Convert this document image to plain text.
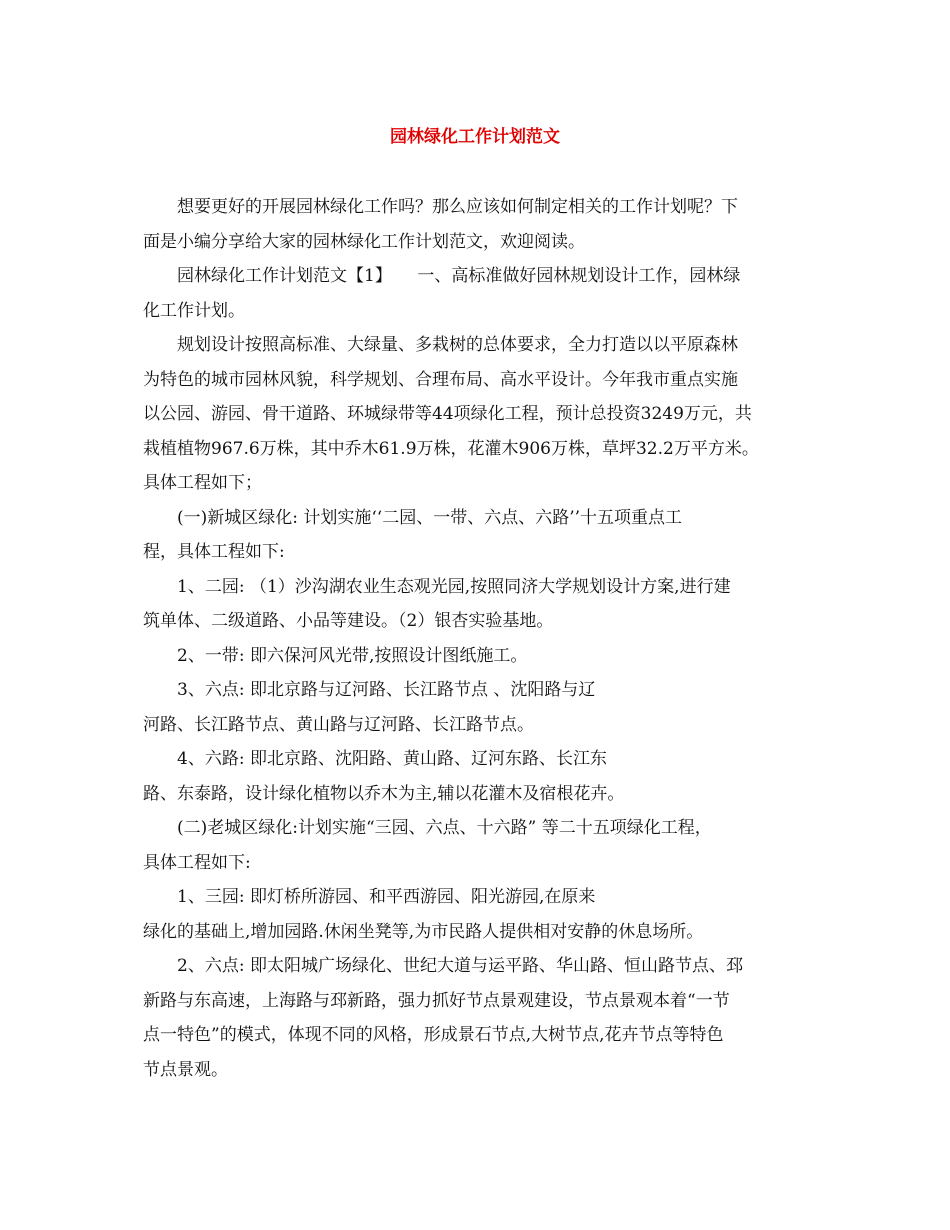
园林绿化工作计划范文
想要更好的开展园林绿化工作吗？那么应该如何制定相关的工作计划呢？下
面是小编分享给大家的园林绿化工作计划范文，欢迎阅读。
园林绿化工作计划范文【1】　　一、高标准做好园林规划设计工作，园林绿
化工作计划。
规划设计按照高标准、大绿量、多栽树的总体要求，全力打造以以平原森林
为特色的城市园林风貌，科学规划、合理布局、高水平设计。今年我市重点实施
以公园、游园、骨干道路、环城绿带等44项绿化工程，预计总投资3249万元，共
栽植植物967.6万株，其中乔木61.9万株，花灌木906万株，草坪32.2万平方米。
具体工程如下；
(一)新城区绿化: 计划实施‘‘二园、一带、六点、六路’’十五项重点工
程，具体工程如下:
1、二园: （1）沙沟湖农业生态观光园,按照同济大学规划设计方案,进行建
筑单体、二级道路、小品等建设。（2）银杏实验基地。
2、一带: 即六保河风光带,按照设计图纸施工。
3、六点: 即北京路与辽河路、长江路节点 、沈阳路与辽
河路、长江路节点、黄山路与辽河路、长江路节点。
4、六路: 即北京路、沈阳路、黄山路、辽河东路、长江东
路、东泰路，设计绿化植物以乔木为主,辅以花灌木及宿根花卉。
(二)老城区绿化:计划实施“三园、六点、十六路” 等二十五项绿化工程，
具体工程如下:
1、三园: 即灯桥所游园、和平西游园、阳光游园,在原来
绿化的基础上,增加园路.休闲坐凳等,为市民路人提供相对安静的休息场所。
2、六点: 即太阳城广场绿化、世纪大道与运平路、华山路、恒山路节点、邳
新路与东高速，上海路与邳新路，强力抓好节点景观建设，节点景观本着“一节
点一特色”的模式，体现不同的风格，形成景石节点,大树节点,花卉节点等特色
节点景观。
